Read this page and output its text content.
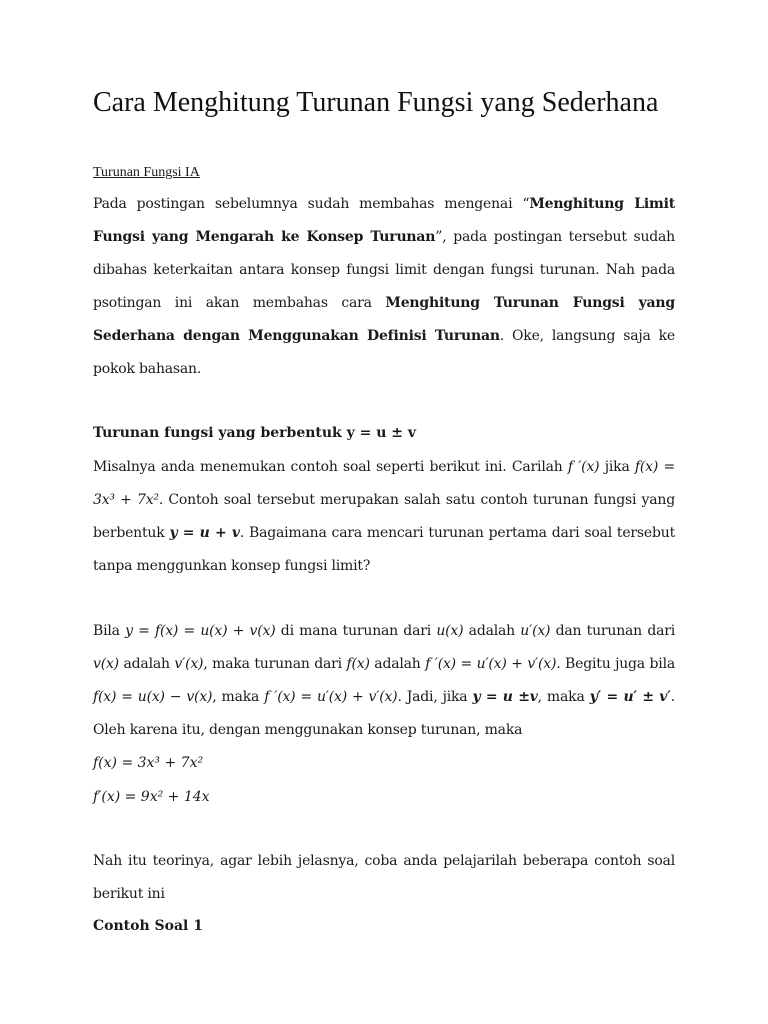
Cara Menghitung Turunan Fungsi yang Sederhana
Turunan Fungsi IA

Pada postingan sebelumnya sudah membahas mengenai “Menghitung Limit Fungsi yang Mengarah ke Konsep Turunan”, pada postingan tersebut sudah dibahas keterkaitan antara konsep fungsi limit dengan fungsi turunan. Nah pada psotingan ini akan membahas cara Menghitung Turunan Fungsi yang Sederhana dengan Menggunakan Definisi Turunan. Oke, langsung saja ke pokok bahasan.

Turunan fungsi yang berbentuk y = u ± v

Misalnya anda menemukan contoh soal seperti berikut ini. Carilah f ′(x) jika f(x) = 3x³ + 7x². Contoh soal tersebut merupakan salah satu contoh turunan fungsi yang berbentuk y = u + v. Bagaimana cara mencari turunan pertama dari soal tersebut tanpa menggunkan konsep fungsi limit?

Bila y = f(x) = u(x) + v(x) di mana turunan dari u(x) adalah u′(x) dan turunan dari v(x) adalah v′(x), maka turunan dari f(x) adalah f ′(x) = u′(x) + v′(x). Begitu juga bila f(x) = u(x) − v(x), maka f ′(x) = u′(x) + v′(x). Jadi, jika y = u ±v, maka y′ = u′ ± v′. Oleh karena itu, dengan menggunakan konsep turunan, maka

f(x) = 3x³ + 7x²
f′(x) = 9x² + 14x

Nah itu teorinya, agar lebih jelasnya, coba anda pelajarilah beberapa contoh soal berikut ini

Contoh Soal 1
